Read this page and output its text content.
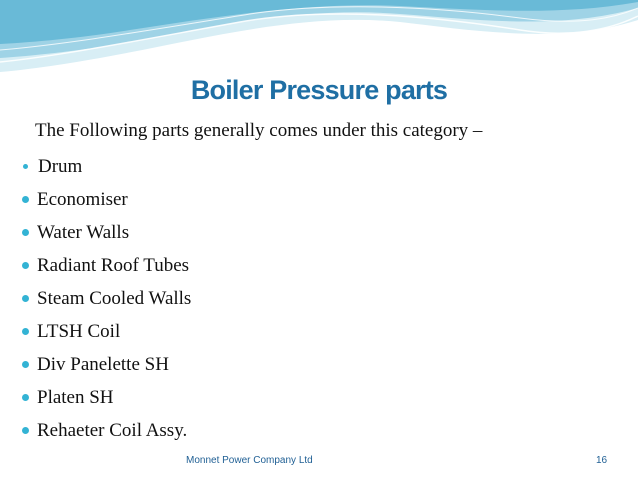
Boiler Pressure parts
The Following parts generally comes under this category –
Drum
Economiser
Water Walls
Radiant Roof Tubes
Steam Cooled Walls
LTSH Coil
Div Panelette SH
Platen SH
Rehaeter Coil Assy.
Monnet Power Company Ltd	16
